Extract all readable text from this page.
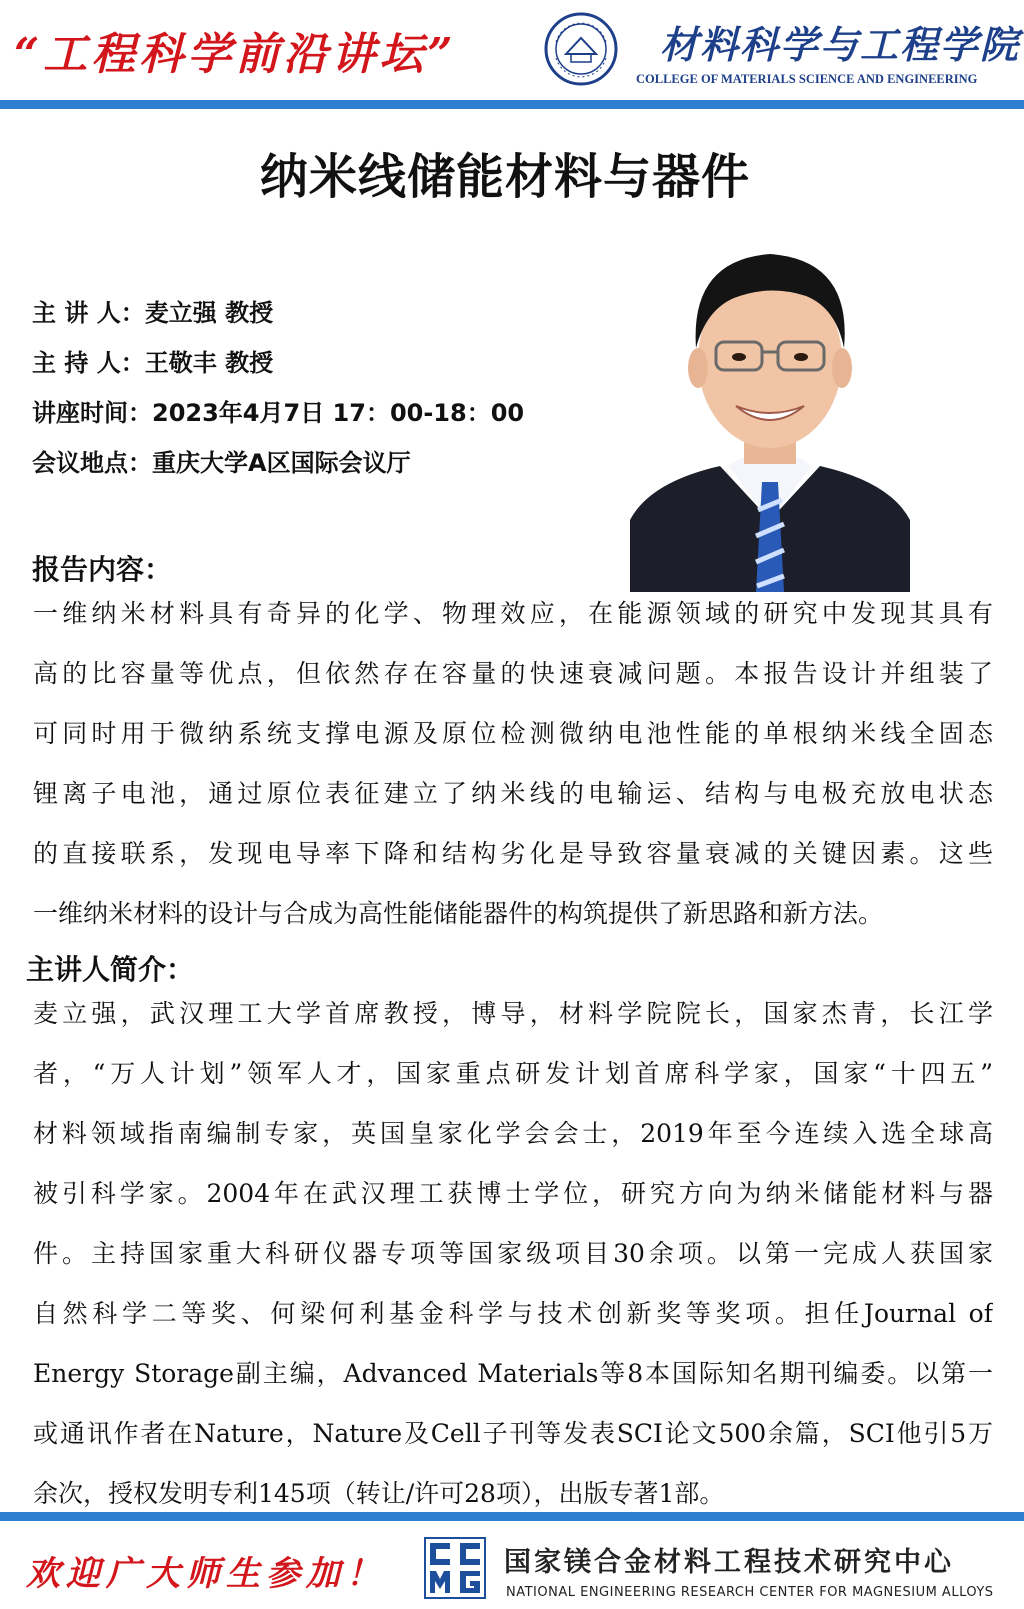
“工程科学前沿讲坛”	材料科学与工程学院
COLLEGE OF MATERIALS SCIENCE AND ENGINEERING
纳米线储能材料与器件
主 讲 人：麦立强 教授
主 持 人：王敬丰 教授
讲座时间：2023年4月7日 17：00-18：00
会议地点：重庆大学A区国际会议厅
报告内容：
一维纳米材料具有奇异的化学、物理效应，在能源领域的研究中发现其具有
高的比容量等优点，但依然存在容量的快速衰减问题。本报告设计并组装了
可同时用于微纳系统支撑电源及原位检测微纳电池性能的单根纳米线全固态
锂离子电池，通过原位表征建立了纳米线的电输运、结构与电极充放电状态
的直接联系，发现电导率下降和结构劣化是导致容量衰减的关键因素。这些
一维纳米材料的设计与合成为高性能储能器件的构筑提供了新思路和新方法。
主讲人简介：
麦立强，武汉理工大学首席教授，博导，材料学院院长，国家杰青，长江学
者，“万人计划”领军人才，国家重点研发计划首席科学家，国家“十四五”
材料领域指南编制专家，英国皇家化学会会士，2019年至今连续入选全球高
被引科学家。2004年在武汉理工获博士学位，研究方向为纳米储能材料与器
件。主持国家重大科研仪器专项等国家级项目30余项。以第一完成人获国家
自然科学二等奖、何梁何利基金科学与技术创新奖等奖项。担任Journal of
Energy Storage副主编，Advanced Materials等8本国际知名期刊编委。以第一
或通讯作者在Nature，Nature及Cell子刊等发表SCI论文500余篇，SCI他引5万
余次，授权发明专利145项（转让/许可28项），出版专著1部。
欢迎广大师生参加！	国家镁合金材料工程技术研究中心
NATIONAL ENGINEERING RESEARCH CENTER FOR MAGNESIUM ALLOYS
